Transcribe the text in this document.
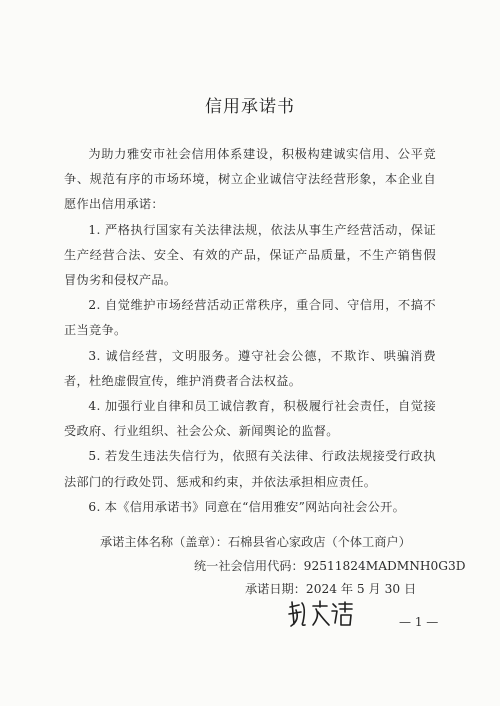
信用承诺书

为助力雅安市社会信用体系建设，积极构建诚实信用、公平竞争、规范有序的市场环境，树立企业诚信守法经营形象，本企业自愿作出信用承诺：

1. 严格执行国家有关法律法规，依法从事生产经营活动，保证生产经营合法、安全、有效的产品，保证产品质量，不生产销售假冒伪劣和侵权产品。

2. 自觉维护市场经营活动正常秩序，重合同、守信用，不搞不正当竞争。

3. 诚信经营，文明服务。遵守社会公德，不欺诈、哄骗消费者，杜绝虚假宣传，维护消费者合法权益。

4. 加强行业自律和员工诚信教育，积极履行社会责任，自觉接受政府、行业组织、社会公众、新闻舆论的监督。

5. 若发生违法失信行为，依照有关法律、行政法规接受行政执法部门的行政处罚、惩戒和约束，并依法承担相应责任。

6. 本《信用承诺书》同意在“信用雅安”网站向社会公开。

承诺主体名称（盖章）：石棉县省心家政店（个体工商户）
统一社会信用代码：92511824MADMNH0G3D
承诺日期：2024 年 5 月 30 日
— 1 —
